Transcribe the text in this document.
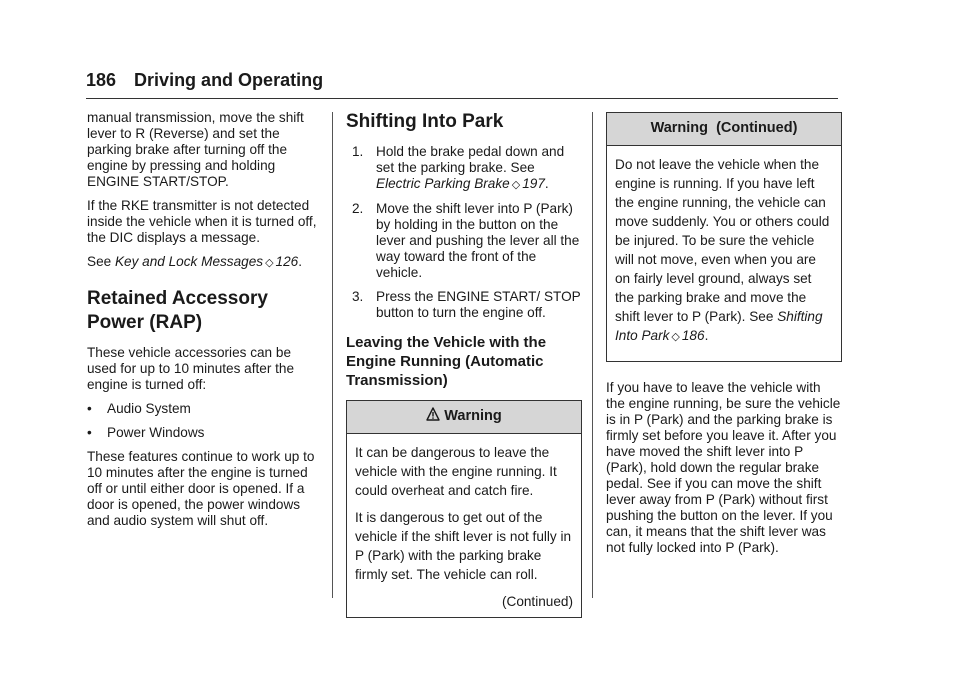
186 Driving and Operating

manual transmission, move the shift lever to R (Reverse) and set the parking brake after turning off the engine by pressing and holding ENGINE START/STOP.

If the RKE transmitter is not detected inside the vehicle when it is turned off, the DIC displays a message.

See Key and Lock Messages ◇ 126.

Retained Accessory Power (RAP)

These vehicle accessories can be used for up to 10 minutes after the engine is turned off:

•	Audio System
•	Power Windows

These features continue to work up to 10 minutes after the engine is turned off or until either door is opened. If a door is opened, the power windows and audio system will shut off.

Shifting Into Park
1. Hold the brake pedal down and set the parking brake. See Electric Parking Brake ◇ 197.
2. Move the shift lever into P (Park) by holding in the button on the lever and pushing the lever all the way toward the front of the vehicle.
3. Press the ENGINE START/ STOP button to turn the engine off.
Leaving the Vehicle with the Engine Running (Automatic Transmission)
Warning

It can be dangerous to leave the vehicle with the engine running. It could overheat and catch fire.

It is dangerous to get out of the vehicle if the shift lever is not fully in P (Park) with the parking brake firmly set. The vehicle can roll.

(Continued)

Warning  (Continued)

Do not leave the vehicle when the engine is running. If you have left the engine running, the vehicle can move suddenly. You or others could be injured. To be sure the vehicle will not move, even when you are on fairly level ground, always set the parking brake and move the shift lever to P (Park). See Shifting Into Park ◇ 186.

If you have to leave the vehicle with the engine running, be sure the vehicle is in P (Park) and the parking brake is firmly set before you leave it. After you have moved the shift lever into P (Park), hold down the regular brake pedal. See if you can move the shift lever away from P (Park) without first pushing the button on the lever. If you can, it means that the shift lever was not fully locked into P (Park).
